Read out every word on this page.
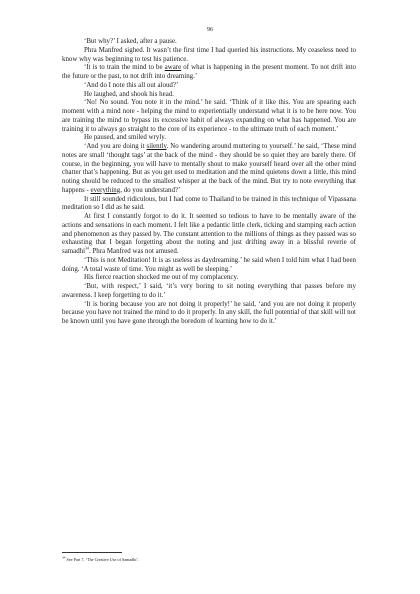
96

‘But why?’ I asked, after a pause.

Phra Manfred sighed. It wasn’t the first time I had queried his instructions. My ceaseless need to know why was beginning to test his patience.

‘It is to train the mind to be aware of what is happening in the present moment. To not drift into the future or the past, to not drift into dreaming.’

‘And do I note this all out aloud?’

He laughed, and shook his head.

‘No! No sound. You note it in the mind.’ he said. ‘Think of it like this. You are spearing each moment with a mind note - helping the mind to experientially understand what it is to be here now. You are training the mind to bypass its excessive habit of always expanding on what has happened. You are training it to always go straight to the core of its experience - to the ultimate truth of each moment.’

He paused, and smiled wryly.

‘And you are doing it silently. No wandering around muttering to yourself.’ he said, ‘These mind notes are small ‘thought tags’ at the back of the mind - they should be so quiet they are barely there. Of course, in the beginning, you will have to mentally shout to make yourself heard over all the other mind chatter that’s happening. But as you get used to meditation and the mind quietens down a little, this mind noting should be reduced to the smallest whisper at the back of the mind. But try to note everything that happens - everything, do you understand?’

It still sounded ridiculous, but I had come to Thailand to be trained in this technique of Vipassana meditation so I did as he said.

At first I constantly forgot to do it. It seemed so tedious to have to be mentally aware of the actions and sensations in each moment. I felt like a pedantic little clerk, ticking and stamping each action and phenomenon as they passed by. The constant attention to the millions of things as they passed was so exhausting that I began forgetting about the noting and just drifting away in a blissful reverie of samadhi$^{34}$. Phra Manfred was not amused.

‘This is not Meditation! It is as useless as daydreaming.’ he said when I told him what I had been doing. ‘A total waste of time. You might as well be sleeping.’

His fierce reaction shocked me out of my complacency.

‘But, with respect,’ I said, ‘it’s very boring to sit noting everything that passes before my awareness. I keep forgetting to do it.’

‘It is boring because you are not doing it properly!’ he said, ‘and you are not doing it properly because you have not trained the mind to do it properly. In any skill, the full potential of that skill will not be known until you have gone through the boredom of learning how to do it.’

$^{34}$ See Part 7, ‘The Creative Use of Samadhi’.
